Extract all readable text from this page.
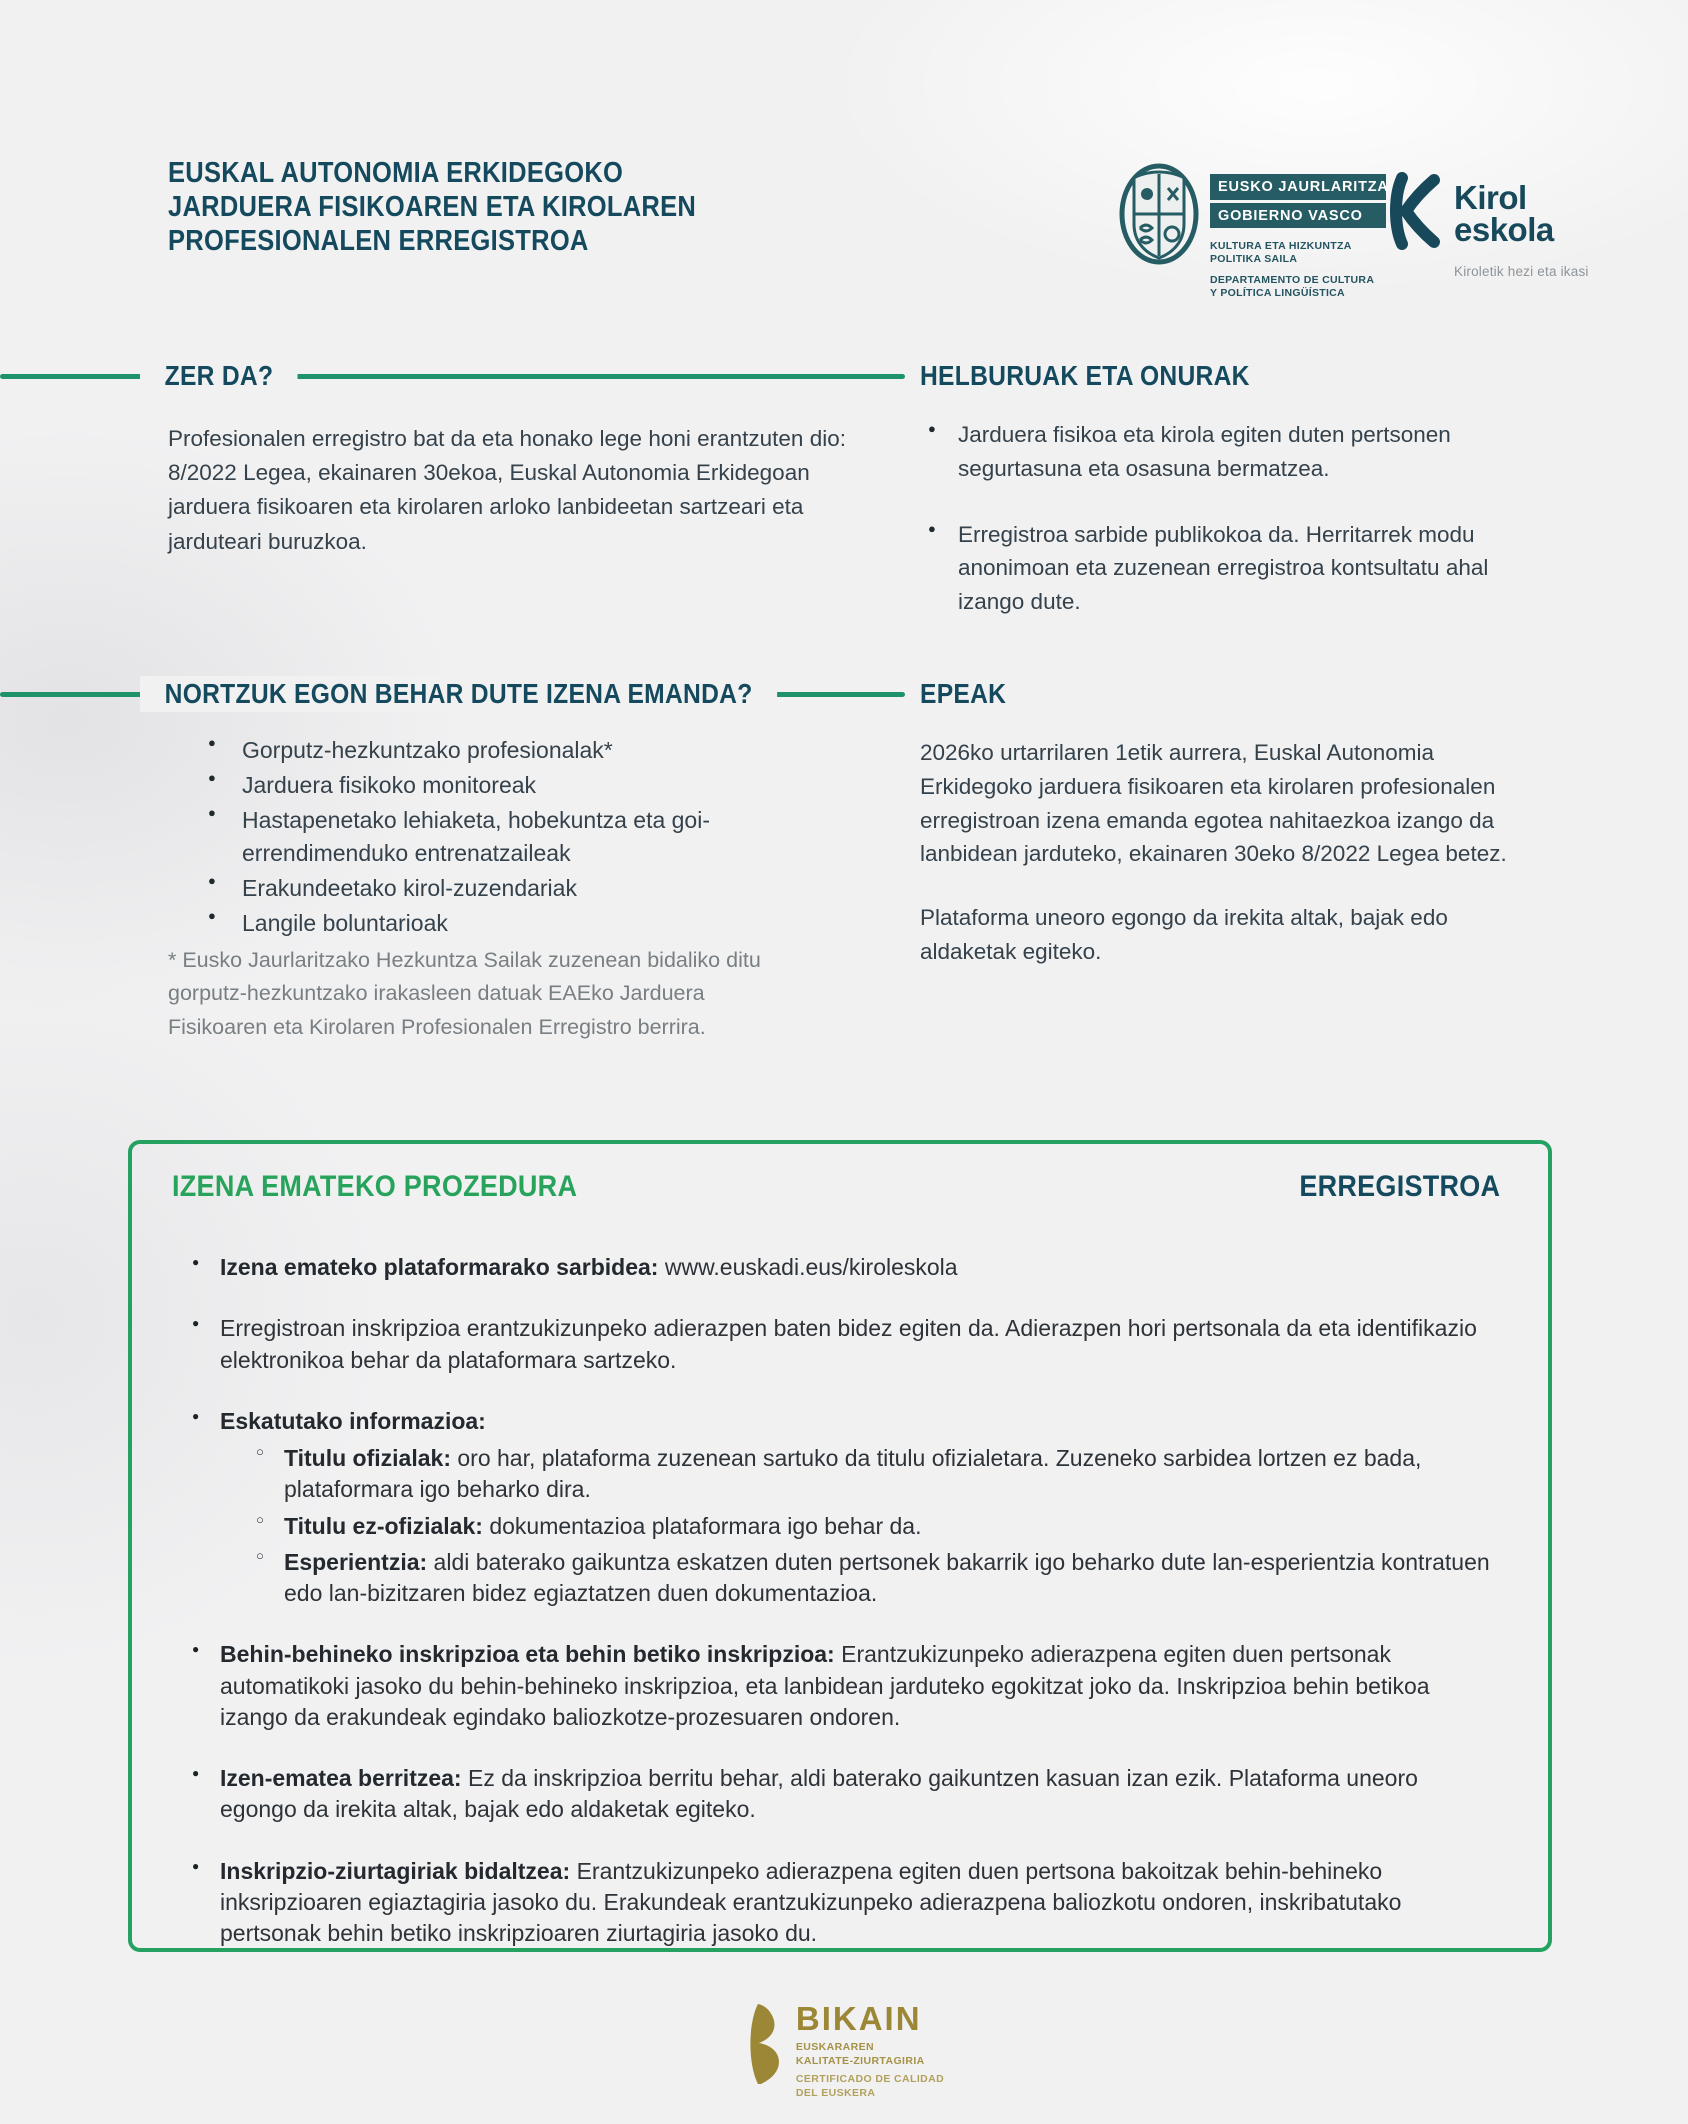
EUSKAL AUTONOMIA ERKIDEGOKO
JARDUERA FISIKOAREN ETA KIROLAREN
PROFESIONALEN ERREGISTROA
EUSKO JAURLARITZA
GOBIERNO VASCO
KULTURA ETA HIZKUNTZA
POLITIKA SAILA
DEPARTAMENTO DE CULTURA
Y POLÍTICA LINGÜÍSTICA
Kirol
eskola
Kiroletik hezi eta ikasi
ZER DA?	HELBURUAK ETA ONURAK

Profesionalen erregistro bat da eta honako lege honi erantzuten dio: 8/2022 Legea, ekainaren 30ekoa, Euskal Autonomia Erkidegoan jarduera fisikoaren eta kirolaren arloko lanbideetan sartzeari eta jarduteari buruzkoa.

● Jarduera fisikoa eta kirola egiten duten pertsonen segurtasuna eta osasuna bermatzea.
● Erregistroa sarbide publikokoa da. Herritarrek modu anonimoan eta zuzenean erregistroa kontsultatu ahal izango dute.
NORTZUK EGON BEHAR DUTE IZENA EMANDA?	EPEAK
● Gorputz-hezkuntzako profesionalak*
● Jarduera fisikoko monitoreak
● Hastapenetako lehiaketa, hobekuntza eta goi-errendimenduko entrenatzaileak
● Erakundeetako kirol-zuzendariak
● Langile boluntarioak

* Eusko Jaurlaritzako Hezkuntza Sailak zuzenean bidaliko ditu gorputz-hezkuntzako irakasleen datuak EAEko Jarduera Fisikoaren eta Kirolaren Profesionalen Erregistro berrira.

2026ko urtarrilaren 1etik aurrera, Euskal Autonomia Erkidegoko jarduera fisikoaren eta kirolaren profesionalen erregistroan izena emanda egotea nahitaezkoa izango da lanbidean jarduteko, ekainaren 30eko 8/2022 Legea betez.

Plataforma uneoro egongo da irekita altak, bajak edo aldaketak egiteko.

IZENA EMATEKO PROZEDURA	ERREGISTROA
● Izena emateko plataformarako sarbidea: www.euskadi.eus/kiroleskola
● Erregistroan inskripzioa erantzukizunpeko adierazpen baten bidez egiten da. Adierazpen hori pertsonala da eta identifikazio elektronikoa behar da plataformara sartzeko.
● Eskatutako informazioa:
○ Titulu ofizialak: oro har, plataforma zuzenean sartuko da titulu ofizialetara. Zuzeneko sarbidea lortzen ez bada, plataformara igo beharko dira.
○ Titulu ez-ofizialak: dokumentazioa plataformara igo behar da.
○ Esperientzia: aldi baterako gaikuntza eskatzen duten pertsonek bakarrik igo beharko dute lan-esperientzia kontratuen edo lan-bizitzaren bidez egiaztatzen duen dokumentazioa.
● Behin-behineko inskripzioa eta behin betiko inskripzioa: Erantzukizunpeko adierazpena egiten duen pertsonak automatikoki jasoko du behin-behineko inskripzioa, eta lanbidean jarduteko egokitzat joko da. Inskripzioa behin betikoa izango da erakundeak egindako baliozkotze-prozesuaren ondoren.
● Izen-ematea berritzea: Ez da inskripzioa berritu behar, aldi baterako gaikuntzen kasuan izan ezik. Plataforma uneoro egongo da irekita altak, bajak edo aldaketak egiteko.
● Inskripzio-ziurtagiriak bidaltzea: Erantzukizunpeko adierazpena egiten duen pertsona bakoitzak behin-behineko inksripzioaren egiaztagiria jasoko du. Erakundeak erantzukizunpeko adierazpena baliozkotu ondoren, inskribatutako pertsonak behin betiko inskripzioaren ziurtagiria jasoko du.
BIKAIN
EUSKARAREN
KALITATE-ZIURTAGIRIA
CERTIFICADO DE CALIDAD
DEL EUSKERA
